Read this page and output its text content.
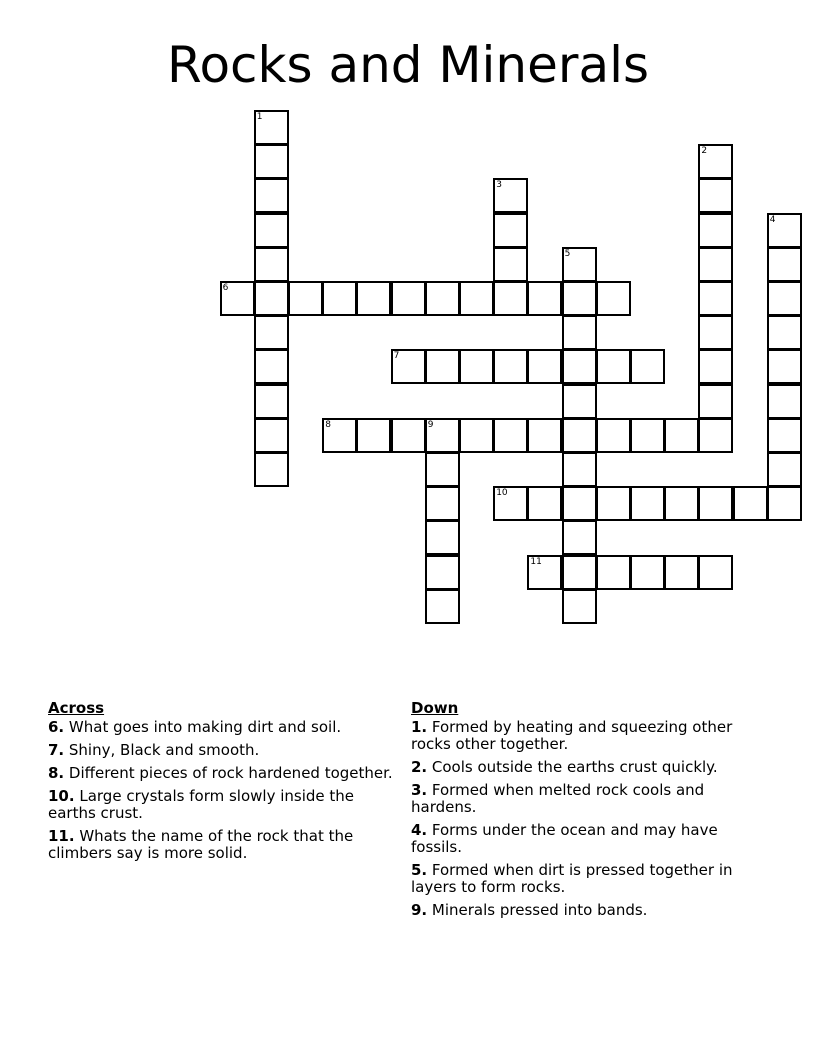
Rocks and Minerals
1
2
3
4
5
6
7
8	9
10
11
Across
6. What goes into making dirt and soil.
7. Shiny, Black and smooth.
8. Different pieces of rock hardened together.
10. Large crystals form slowly inside the earths crust.
11. Whats the name of the rock that the climbers say is more solid.
Down
1. Formed by heating and squeezing other rocks other together.
2. Cools outside the earths crust quickly.
3. Formed when melted rock cools and hardens.
4. Forms under the ocean and may have fossils.
5. Formed when dirt is pressed together in layers to form rocks.
9. Minerals pressed into bands.
